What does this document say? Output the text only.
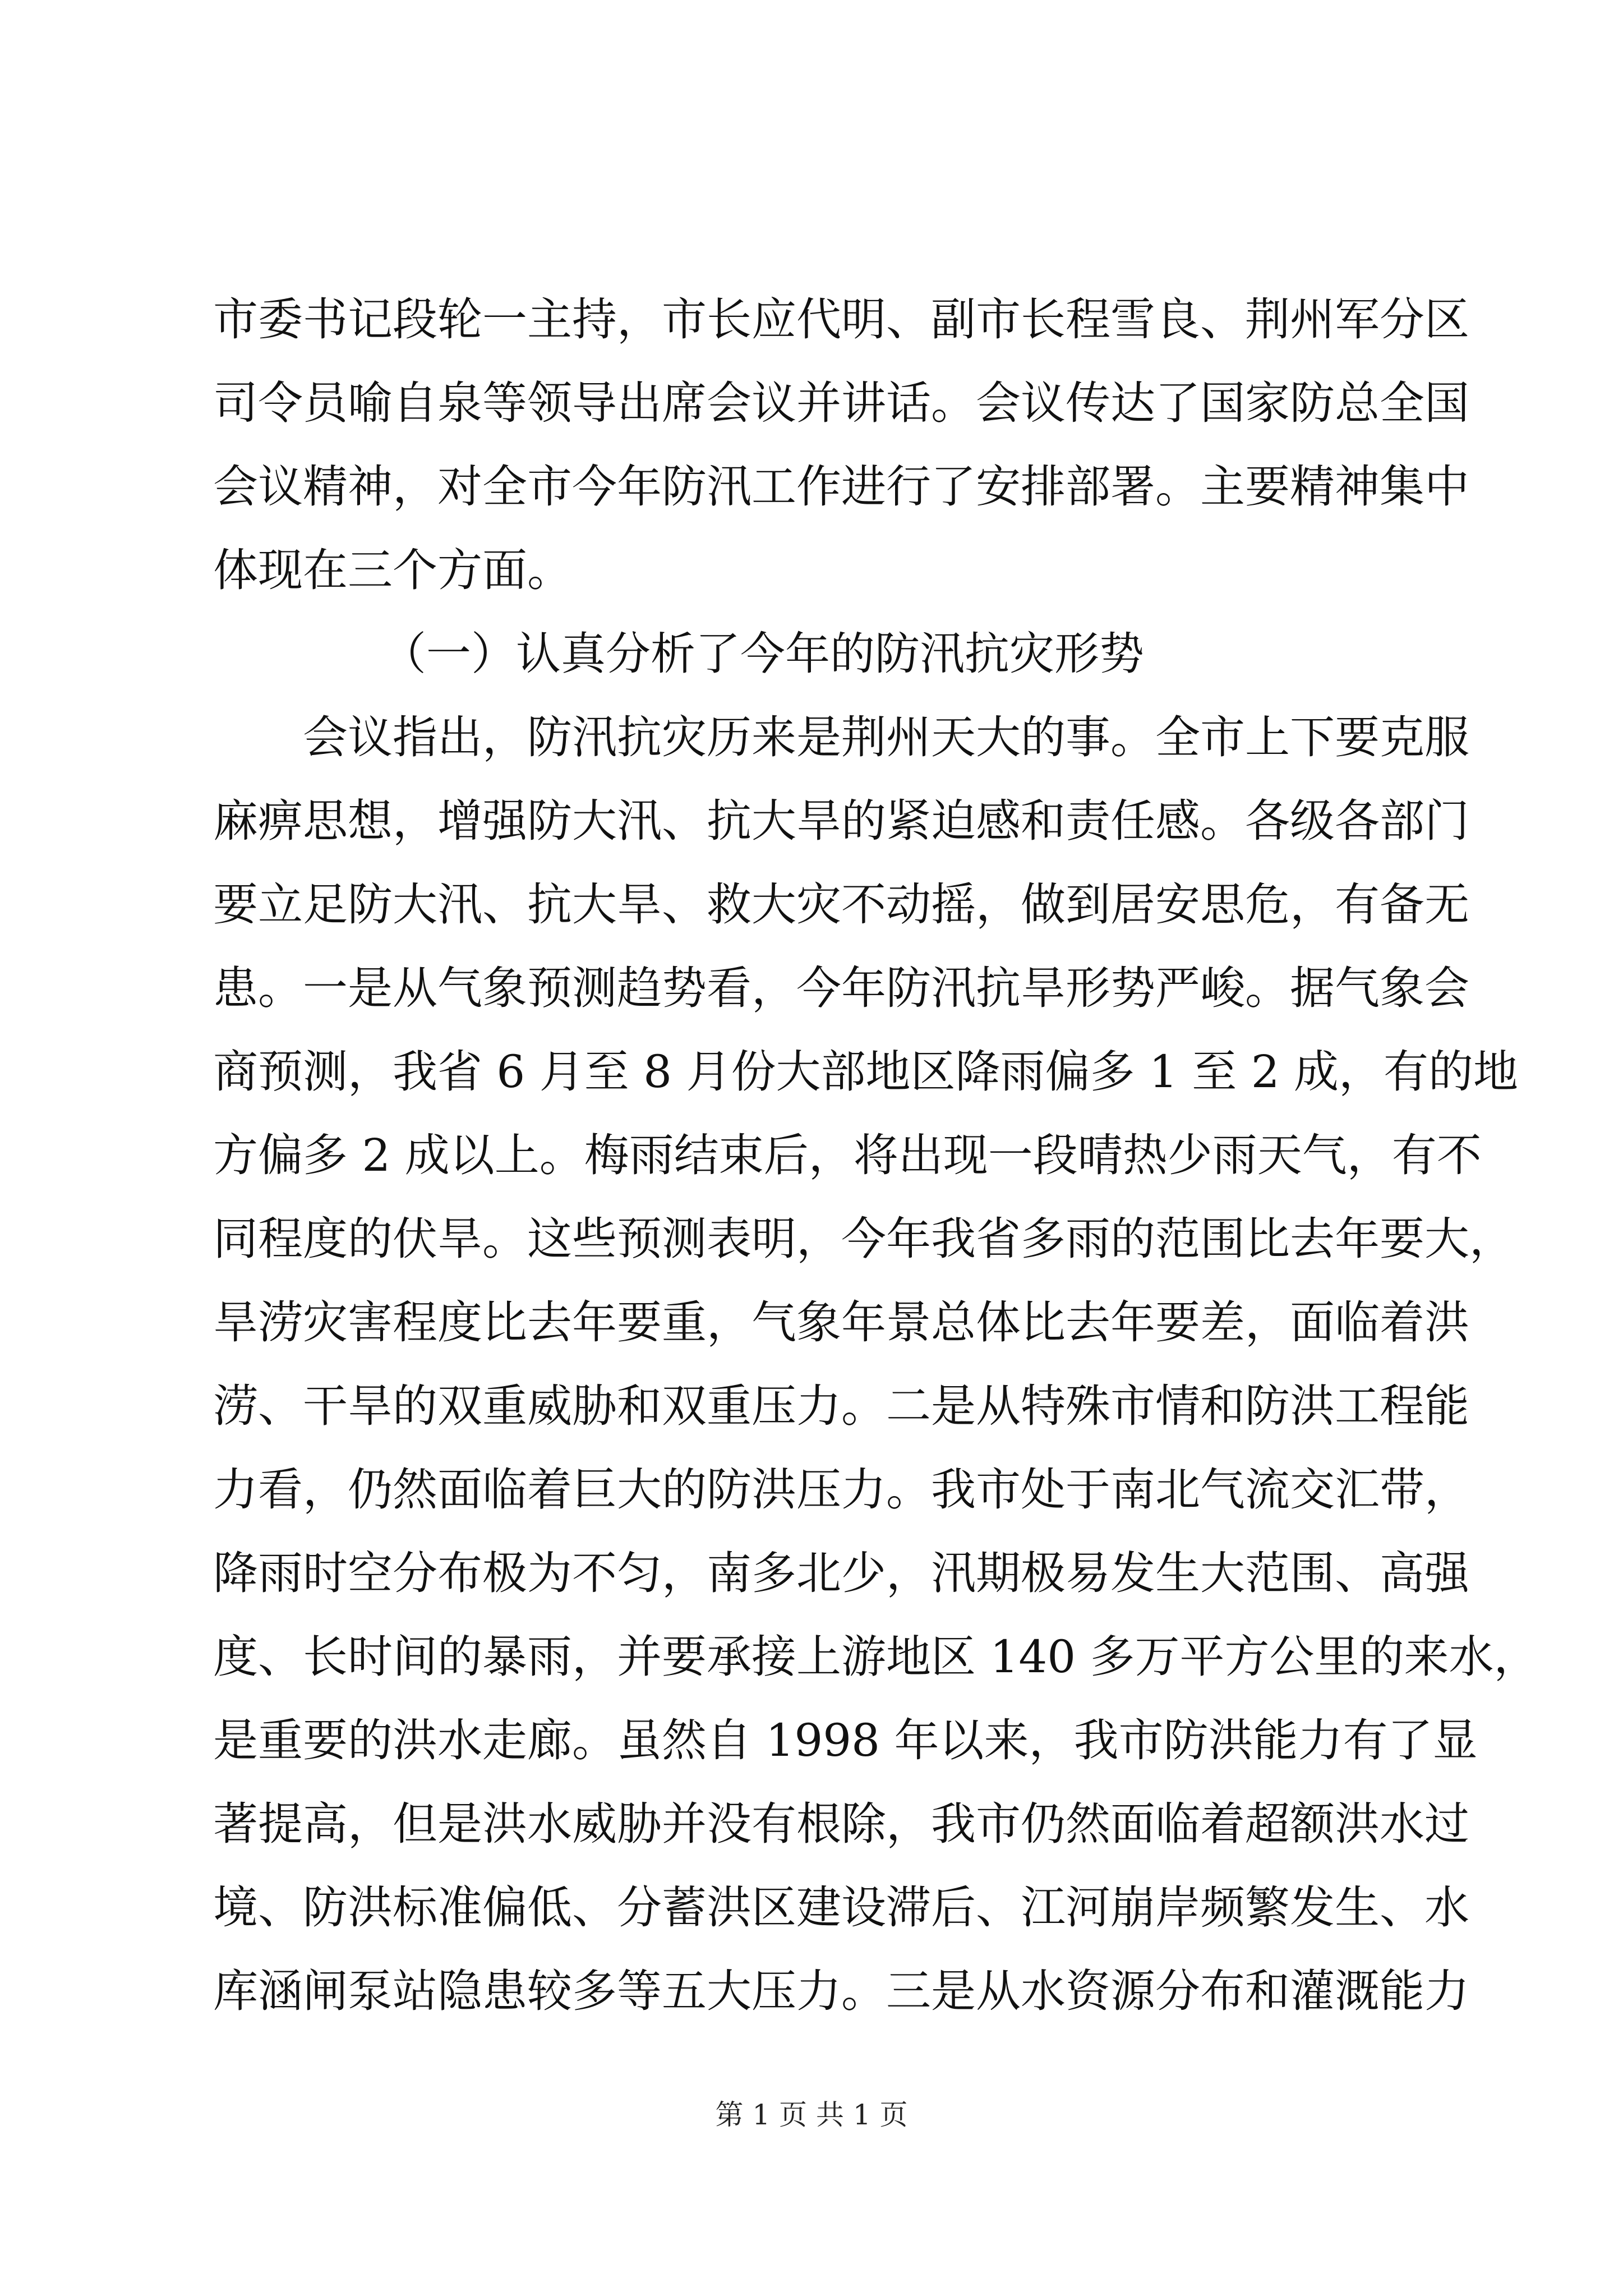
市委书记段轮一主持，市长应代明、副市长程雪良、荆州军分区
司令员喻自泉等领导出席会议并讲话。会议传达了国家防总全国
会议精神，对全市今年防汛工作进行了安排部署。主要精神集中
体现在三个方面。
（一）认真分析了今年的防汛抗灾形势
会议指出，防汛抗灾历来是荆州天大的事。全市上下要克服
麻痹思想，增强防大汛、抗大旱的紧迫感和责任感。各级各部门
要立足防大汛、抗大旱、救大灾不动摇，做到居安思危，有备无
患。一是从气象预测趋势看，今年防汛抗旱形势严峻。据气象会
商预测，我省 6 月至 8 月份大部地区降雨偏多 1 至 2 成，有的地
方偏多 2 成以上。梅雨结束后，将出现一段晴热少雨天气，有不
同程度的伏旱。这些预测表明，今年我省多雨的范围比去年要大，
旱涝灾害程度比去年要重，气象年景总体比去年要差，面临着洪
涝、干旱的双重威胁和双重压力。二是从特殊市情和防洪工程能
力看，仍然面临着巨大的防洪压力。我市处于南北气流交汇带，
降雨时空分布极为不匀，南多北少，汛期极易发生大范围、高强
度、长时间的暴雨，并要承接上游地区 140 多万平方公里的来水，
是重要的洪水走廊。虽然自 1998 年以来，我市防洪能力有了显
著提高，但是洪水威胁并没有根除，我市仍然面临着超额洪水过
境、防洪标准偏低、分蓄洪区建设滞后、江河崩岸频繁发生、水
库涵闸泵站隐患较多等五大压力。三是从水资源分布和灌溉能力
第 1 页 共 1 页
